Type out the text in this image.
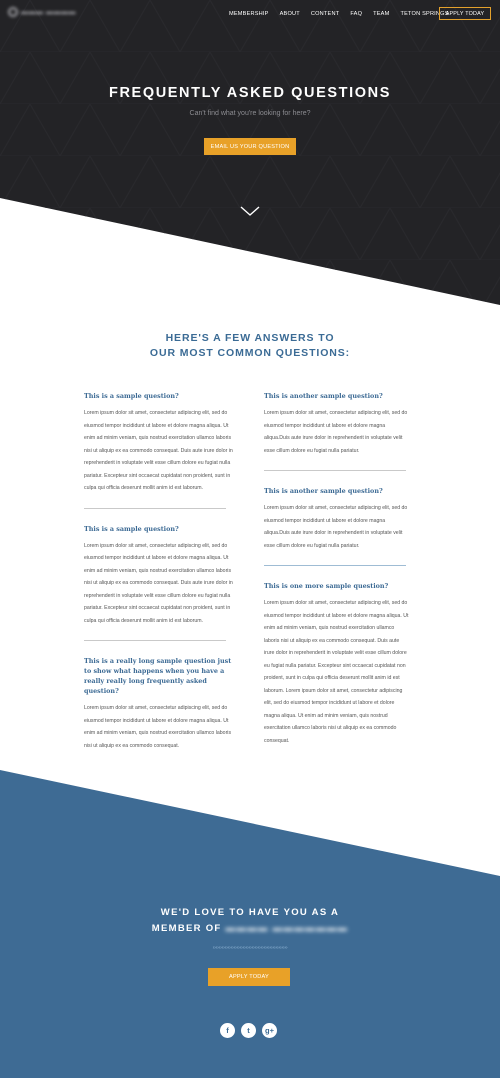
▬▬▬ ▬▬▬▬	MEMBERSHIP ABOUT CONTENT FAQ TEAM TETON SPRINGS
APPLY TODAY
FREQUENTLY ASKED QUESTIONS
Can't find what you're looking for here?
EMAIL US YOUR QUESTION
HERE'S A FEW ANSWERS TO
OUR MOST COMMON QUESTIONS:
This is a sample question?
Lorem ipsum dolor sit amet, consectetur adipiscing elit, sed do eiusmod tempor incididunt ut labore et dolore magna aliqua. Ut enim ad minim veniam, quis nostrud exercitation ullamco laboris nisi ut aliquip ex ea commodo consequat. Duis aute irure dolor in reprehenderit in voluptate velit esse cillum dolore eu fugiat nulla pariatur. Excepteur sint occaecat cupidatat non proident, sunt in culpa qui officia deserunt mollit anim id est laborum.
This is a sample question?
Lorem ipsum dolor sit amet, consectetur adipiscing elit, sed do eiusmod tempor incididunt ut labore et dolore magna aliqua. Ut enim ad minim veniam, quis nostrud exercitation ullamco laboris nisi ut aliquip ex ea commodo consequat. Duis aute irure dolor in reprehenderit in voluptate velit esse cillum dolore eu fugiat nulla pariatur. Excepteur sint occaecat cupidatat non proident, sunt in culpa qui officia deserunt mollit anim id est laborum.
This is a really long sample question just to show what happens when you have a really really long frequently asked question?
Lorem ipsum dolor sit amet, consectetur adipiscing elit, sed do eiusmod tempor incididunt ut labore et dolore magna aliqua. Ut enim ad minim veniam, quis nostrud exercitation ullamco laboris nisi ut aliquip ex ea commodo consequat.
This is another sample question?
Lorem ipsum dolor sit amet, consectetur adipiscing elit, sed do eiusmod tempor incididunt ut labore et dolore magna aliqua.Duis aute irure dolor in reprehenderit in voluptate velit esse cillum dolore eu fugiat nulla pariatur.
This is another sample question?
Lorem ipsum dolor sit amet, consectetur adipiscing elit, sed do eiusmod tempor incididunt ut labore et dolore magna aliqua.Duis aute irure dolor in reprehenderit in voluptate velit esse cillum dolore eu fugiat nulla pariatur.
This is one more sample question?
Lorem ipsum dolor sit amet, consectetur adipiscing elit, sed do eiusmod tempor incididunt ut labore et dolore magna aliqua. Ut enim ad minim veniam, quis nostrud exercitation ullamco laboris nisi ut aliquip ex ea commodo consequat. Duis aute irure dolor in reprehenderit in voluptate velit esse cillum dolore eu fugiat nulla pariatur. Excepteur sint occaecat cupidatat non proident, sunt in culpa qui officia deserunt mollit anim id est laborum. Lorem ipsum dolor sit amet, consectetur adipiscing elit, sed do eiusmod tempor incididunt ut labore et dolore magna aliqua. Ut enim ad minim veniam, quis nostrud exercitation ullamco laboris nisi ut aliquip ex ea commodo consequat.
WE'D LOVE TO HAVE YOU AS A
MEMBER OF ▬▬▬▬ ▬▬▬▬▬▬▬
››››››››››››››››››››››››››››››››››››››››››››››››››
APPLY TODAY
f	t	g+
